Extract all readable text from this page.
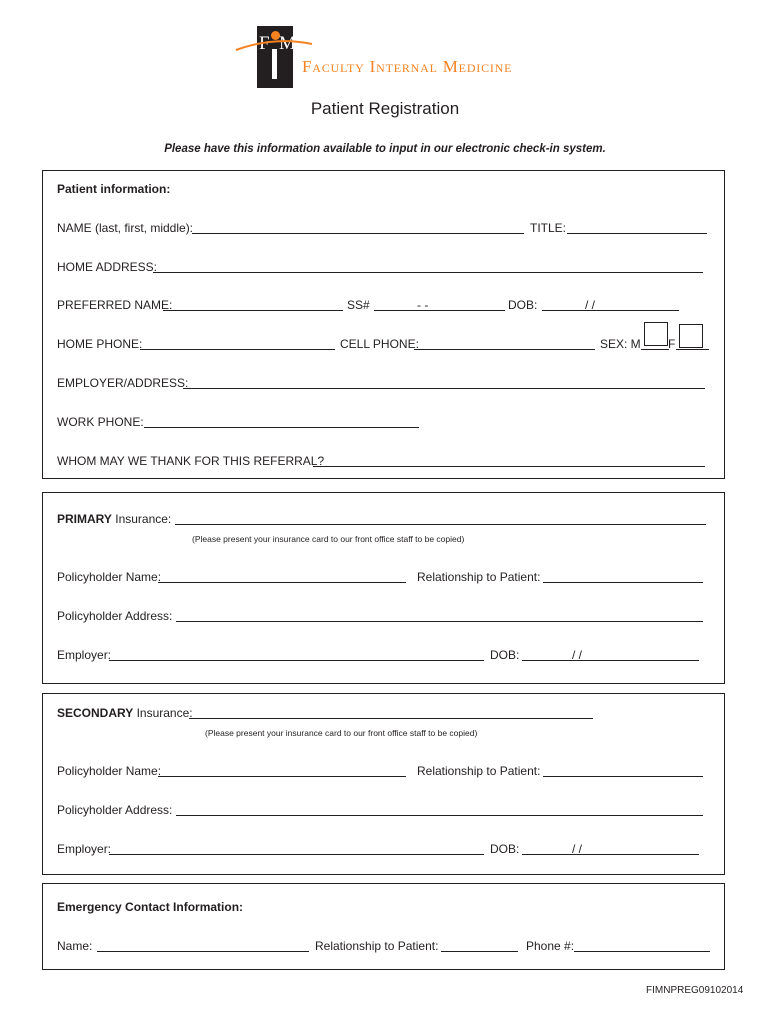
F M
Faculty Internal Medicine
Patient Registration
Please have this information available to input in our electronic check-in system.
Patient information:
NAME (last, first, middle):	TITLE:
HOME ADDRESS:
PREFERRED NAME:	SS#	- -	DOB:	/ /
HOME PHONE:	CELL PHONE:	SEX: M F
EMPLOYER/ADDRESS:
WORK PHONE:
WHOM MAY WE THANK FOR THIS REFERRAL?
PRIMARY Insurance:
(Please present your insurance card to our front office staff to be copied)
Policyholder Name:	Relationship to Patient:
Policyholder Address:
Employer:	DOB:	/ /
SECONDARY Insurance:
(Please present your insurance card to our front office staff to be copied)
Policyholder Name:	Relationship to Patient:
Policyholder Address:
Employer:	DOB:	/ /
Emergency Contact Information:
Name:	Relationship to Patient:	Phone #:
FIMNPREG09102014
